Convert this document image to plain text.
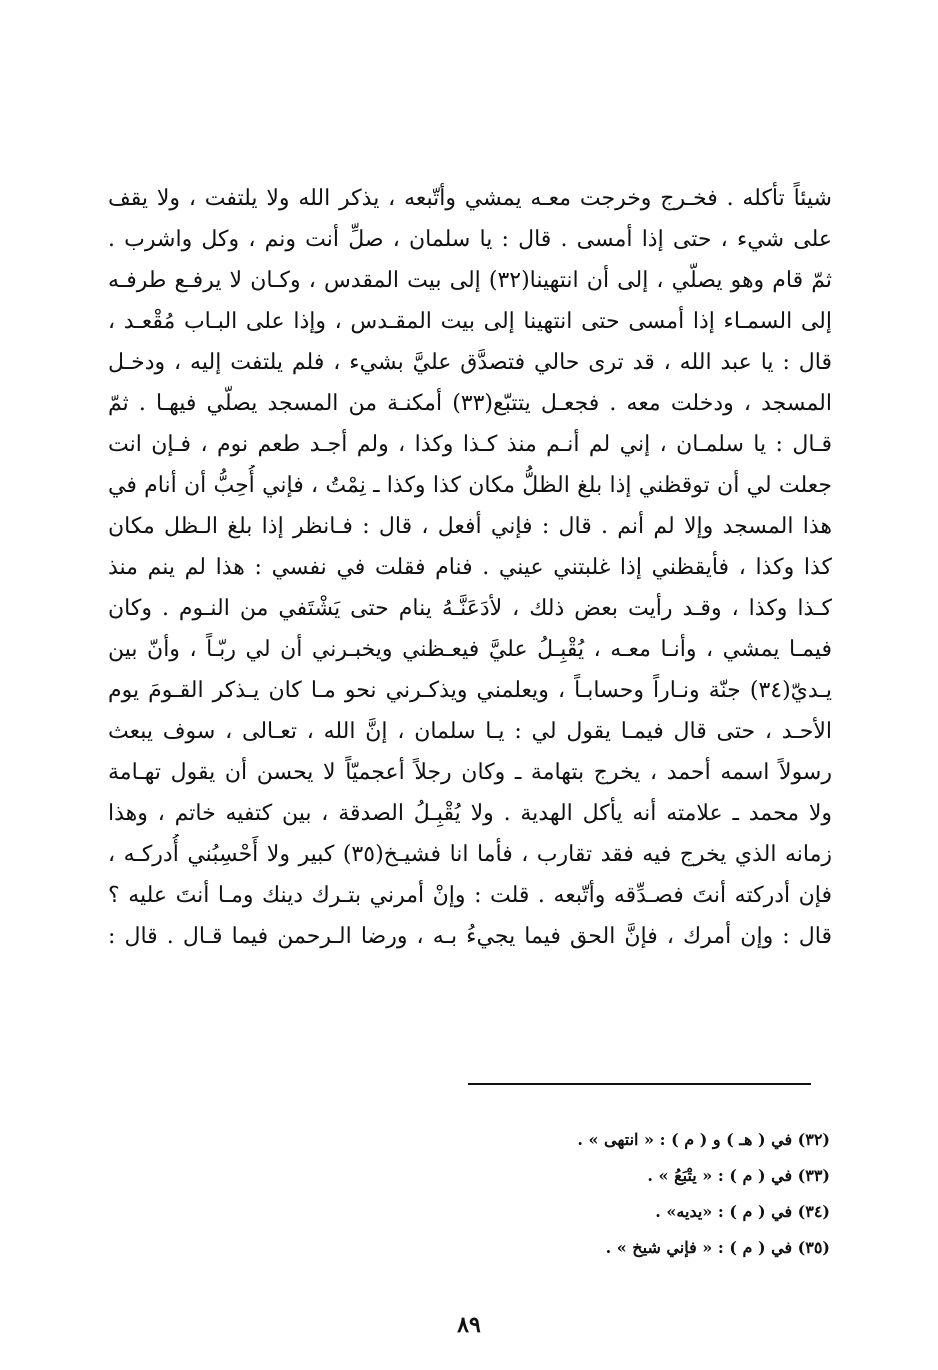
شيئاً تأكله . فخـرج وخرجت معـه يمشي وأتّبعه ، يذكر الله ولا يلتفت ، ولا يقف
على شيء ، حتى إذا أمسى . قال : يا سلمان ، صلِّ أنت ونم ، وكل واشرب .
ثمّ قام وهو يصلّي ، إلى أن انتهينا(٣٢) إلى بيت المقدس ، وكـان لا يرفـع طرفـه
إلى السمـاء إذا أمسى حتى انتهينا إلى بيت المقـدس ، وإذا على البـاب مُقْعـد ،
قال : يا عبد الله ، قد ترى حالي فتصدَّق عليَّ بشيء ، فلم يلتفت إليه ، ودخـل
المسجد ، ودخلت معه . فجعـل يتتبّع(٣٣) أمكنـة من المسجد يصلّي فيهـا . ثمّ
قـال : يا سلمـان ، إني لم أنـم منذ كـذا وكذا ، ولم أجـد طعم نوم ، فـإن انت
جعلت لي أن توقظني إذا بلغ الظلُّ مكان كذا وكذا ـ نِمْتُ ، فإني أُحِبُّ أن أنام في
هذا المسجد وإلا لم أنم . قال : فإني أفعل ، قال : فـانظر إذا بلغ الـظل مكان
كذا وكذا ، فأيقظني إذا غلبتني عيني . فنام فقلت في نفسي : هذا لم ينم منذ
كـذا وكذا ، وقـد رأيت بعض ذلك ، لأدَعَنَّـهُ ينام حتى يَشْتَفي من النـوم . وكان
فيمـا يمشي ، وأنـا معـه ، يُقْبِـلُ عليَّ فيعـظني ويخبـرني أن لي ربّـاً ، وأنّ بين
يـديّ(٣٤) جنّة ونـاراً وحسابـاً ، ويعلمني ويذكـرني نحو مـا كان يـذكر القـومَ يوم
الأحـد ، حتى قال فيمـا يقول لي : يـا سلمان ، إنَّ الله ، تعـالى ، سوف يبعث
رسولاً اسمه أحمد ، يخرج بتهامة ـ وكان رجلاً أعجميّاً لا يحسن أن يقول تهـامة
ولا محمد ـ علامته أنه يأكل الهدية . ولا يُقْبِـلُ الصدقة ، بين كتفيه خاتم ، وهذا
زمانه الذي يخرج فيه فقد تقارب ، فأما انا فشيـخ(٣٥) كبير ولا أَحْسِبُني أُدركـه ،
فإن أدركته أنتَ فصـدِّقه وأتّبعه . قلت : وإنْ أمرني بتـرك دينك ومـا أنتَ عليه ؟
قال : وإن أمرك ، فإنَّ الحق فيما يجيءُ بـه ، ورضا الـرحمن فيما قـال . قال :
(٣٢) في ( هـ ) و ( م ) : « انتهى » .
(٣٣) في ( م ) : « يتْبَعُ » .
(٣٤) في ( م ) : «يديه» .
(٣٥) في ( م ) : « فإني شيخ » .
٨٩
